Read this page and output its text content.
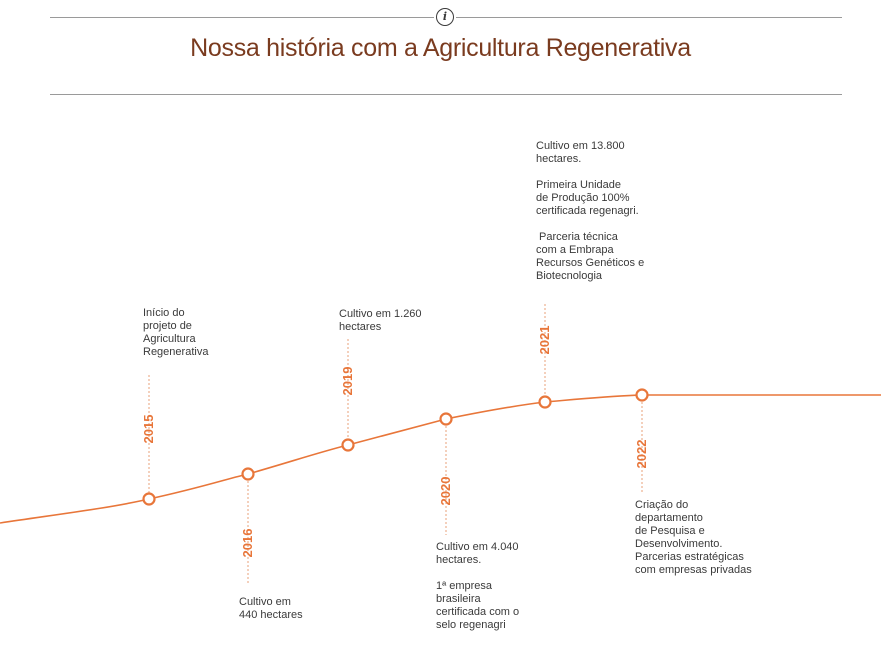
i
Nossa história com a Agricultura Regenerativa
2015
2016
2019
2020
2021
2022
Início do
projeto de
Agricultura
Regenerativa
Cultivo em
440 hectares
Cultivo em 1.260
hectares
Cultivo em 4.040
hectares.
1ª empresa
brasileira
certificada com o
selo regenagri
Cultivo em 13.800
hectares.
Primeira Unidade
de Produção 100%
certificada regenagri.
Parceria técnica
com a Embrapa
Recursos Genéticos e
Biotecnologia
Criação do
departamento
de Pesquisa e
Desenvolvimento.
Parcerias estratégicas
com empresas privadas
